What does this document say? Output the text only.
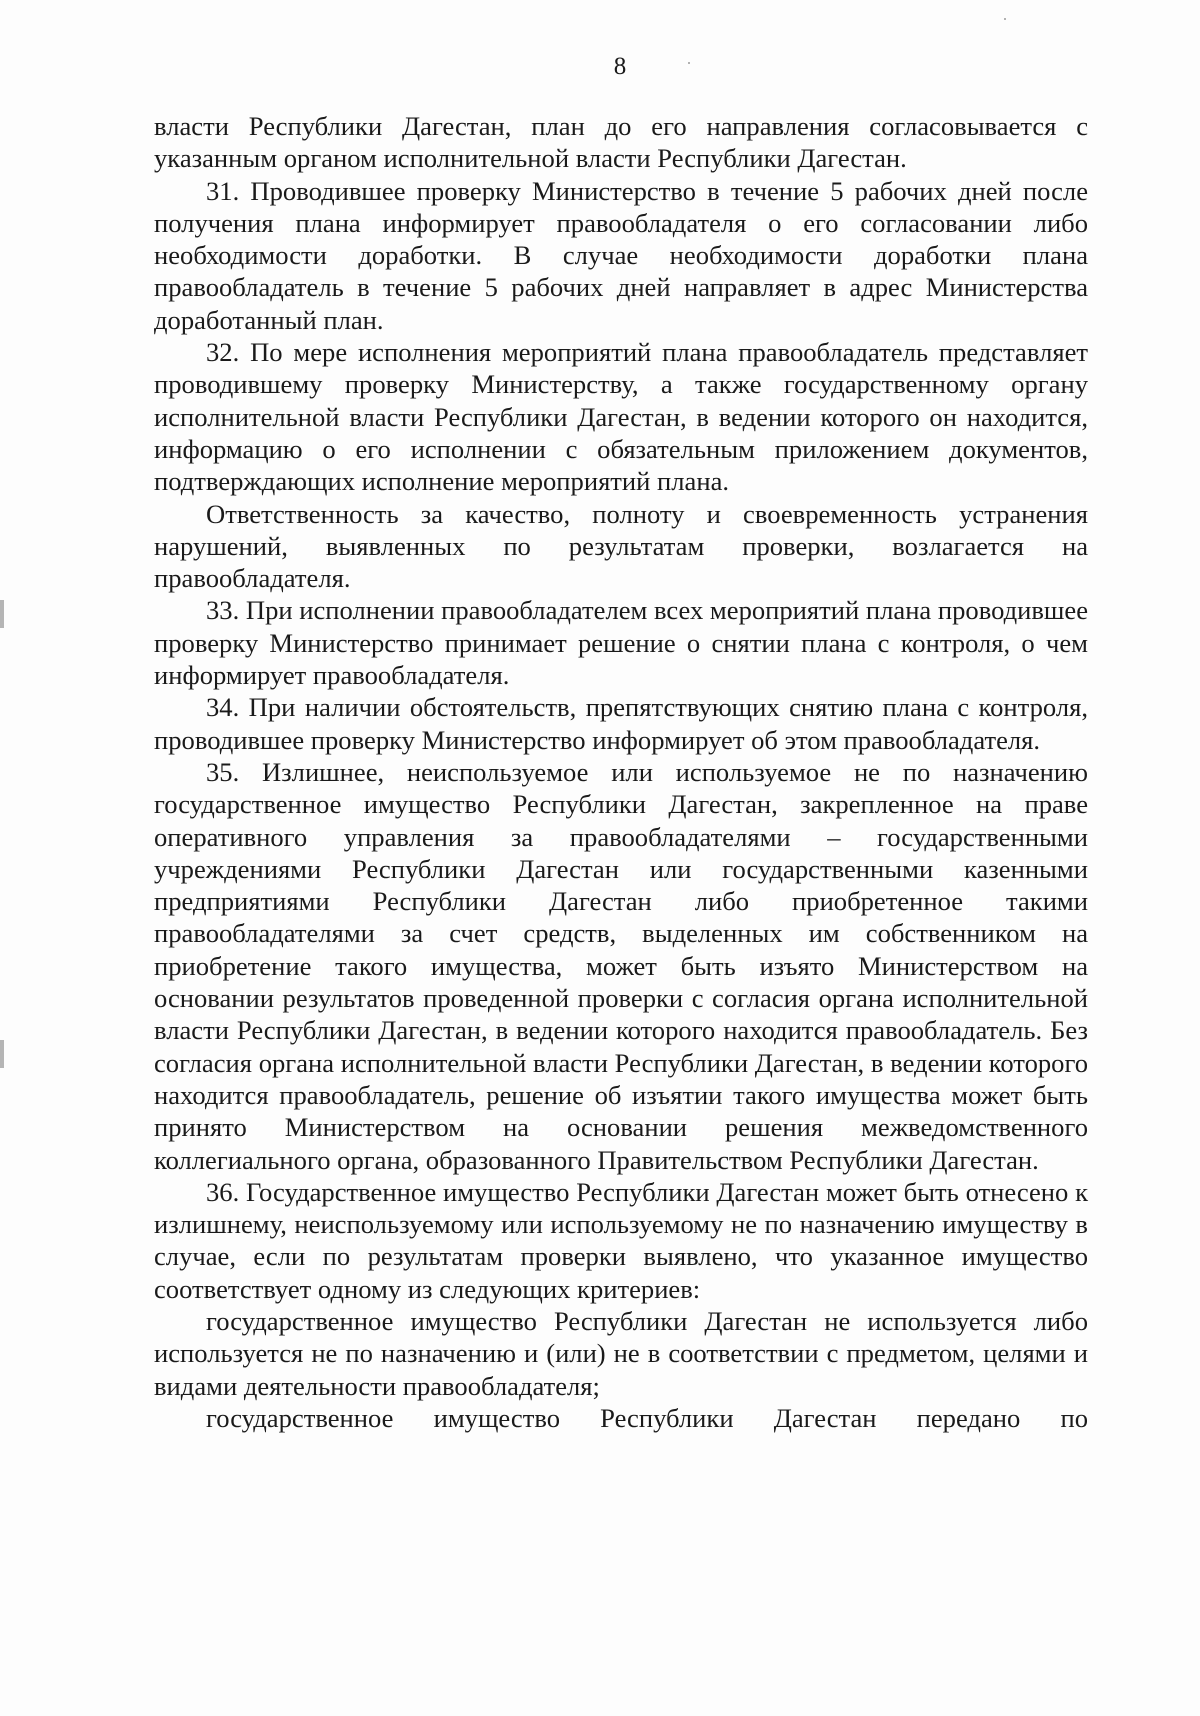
8

власти Республики Дагестан, план до его направления согласовывается с указанным органом исполнительной власти Республики Дагестан.

31. Проводившее проверку Министерство в течение 5 рабочих дней после получения плана информирует правообладателя о его согласовании либо необходимости доработки. В случае необходимости доработки плана правообладатель в течение 5 рабочих дней направляет в адрес Министерства доработанный план.

32. По мере исполнения мероприятий плана правообладатель представляет проводившему проверку Министерству, а также государственному органу исполнительной власти Республики Дагестан, в ведении которого он находится, информацию о его исполнении с обязательным приложением документов, подтверждающих исполнение мероприятий плана.

Ответственность за качество, полноту и своевременность устранения нарушений, выявленных по результатам проверки, возлагается на правообладателя.

33. При исполнении правообладателем всех мероприятий плана проводившее проверку Министерство принимает решение о снятии плана с контроля, о чем информирует правообладателя.

34. При наличии обстоятельств, препятствующих снятию плана с контроля, проводившее проверку Министерство информирует об этом правообладателя.

35. Излишнее, неиспользуемое или используемое не по назначению государственное имущество Республики Дагестан, закрепленное на праве оперативного управления за правообладателями – государственными учреждениями Республики Дагестан или государственными казенными предприятиями Республики Дагестан либо приобретенное такими правообладателями за счет средств, выделенных им собственником на приобретение такого имущества, может быть изъято Министерством на основании результатов проведенной проверки с согласия органа исполнительной власти Республики Дагестан, в ведении которого находится правообладатель. Без согласия органа исполнительной власти Республики Дагестан, в ведении которого находится правообладатель, решение об изъятии такого имущества может быть принято Министерством на основании решения межведомственного коллегиального органа, образованного Правительством Республики Дагестан.

36. Государственное имущество Республики Дагестан может быть отнесено к излишнему, неиспользуемому или используемому не по назначению имуществу в случае, если по результатам проверки выявлено, что указанное имущество соответствует одному из следующих критериев:

государственное имущество Республики Дагестан не используется либо используется не по назначению и (или) не в соответствии с предметом, целями и видами деятельности правообладателя;

государственное имущество Республики Дагестан передано по
